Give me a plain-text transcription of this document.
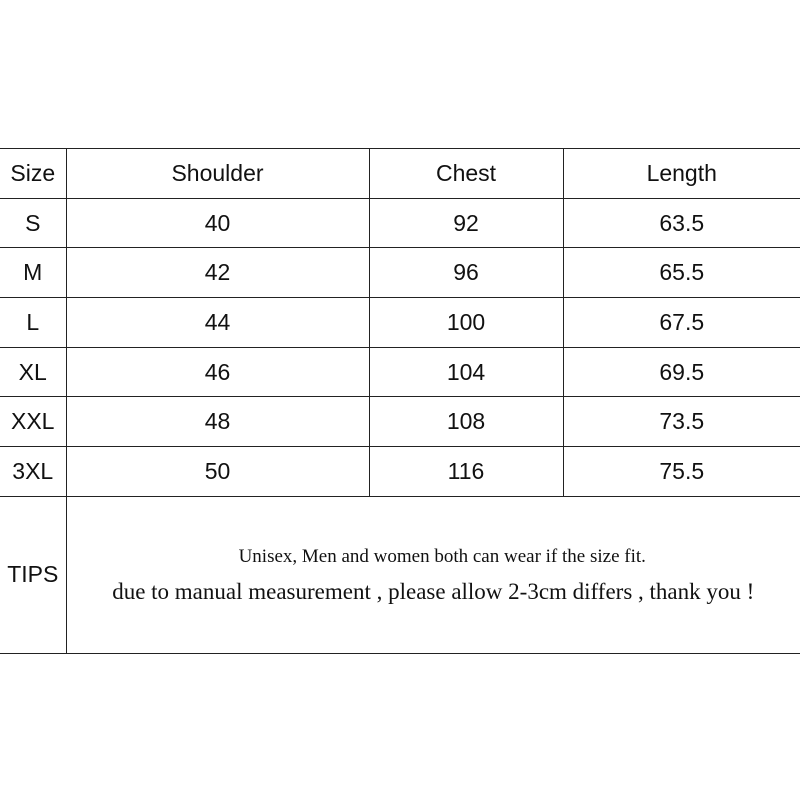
Size	Shoulder	Chest	Length
S	40	92	63.5
M	42	96	65.5
L	44	100	67.5
XL	46	104	69.5
XXL	48	108	73.5
3XL	50	116	75.5
TIPS	Unisex, Men and women both can wear if the size fit.
due to manual measurement , please allow 2-3cm differs , thank you !		
